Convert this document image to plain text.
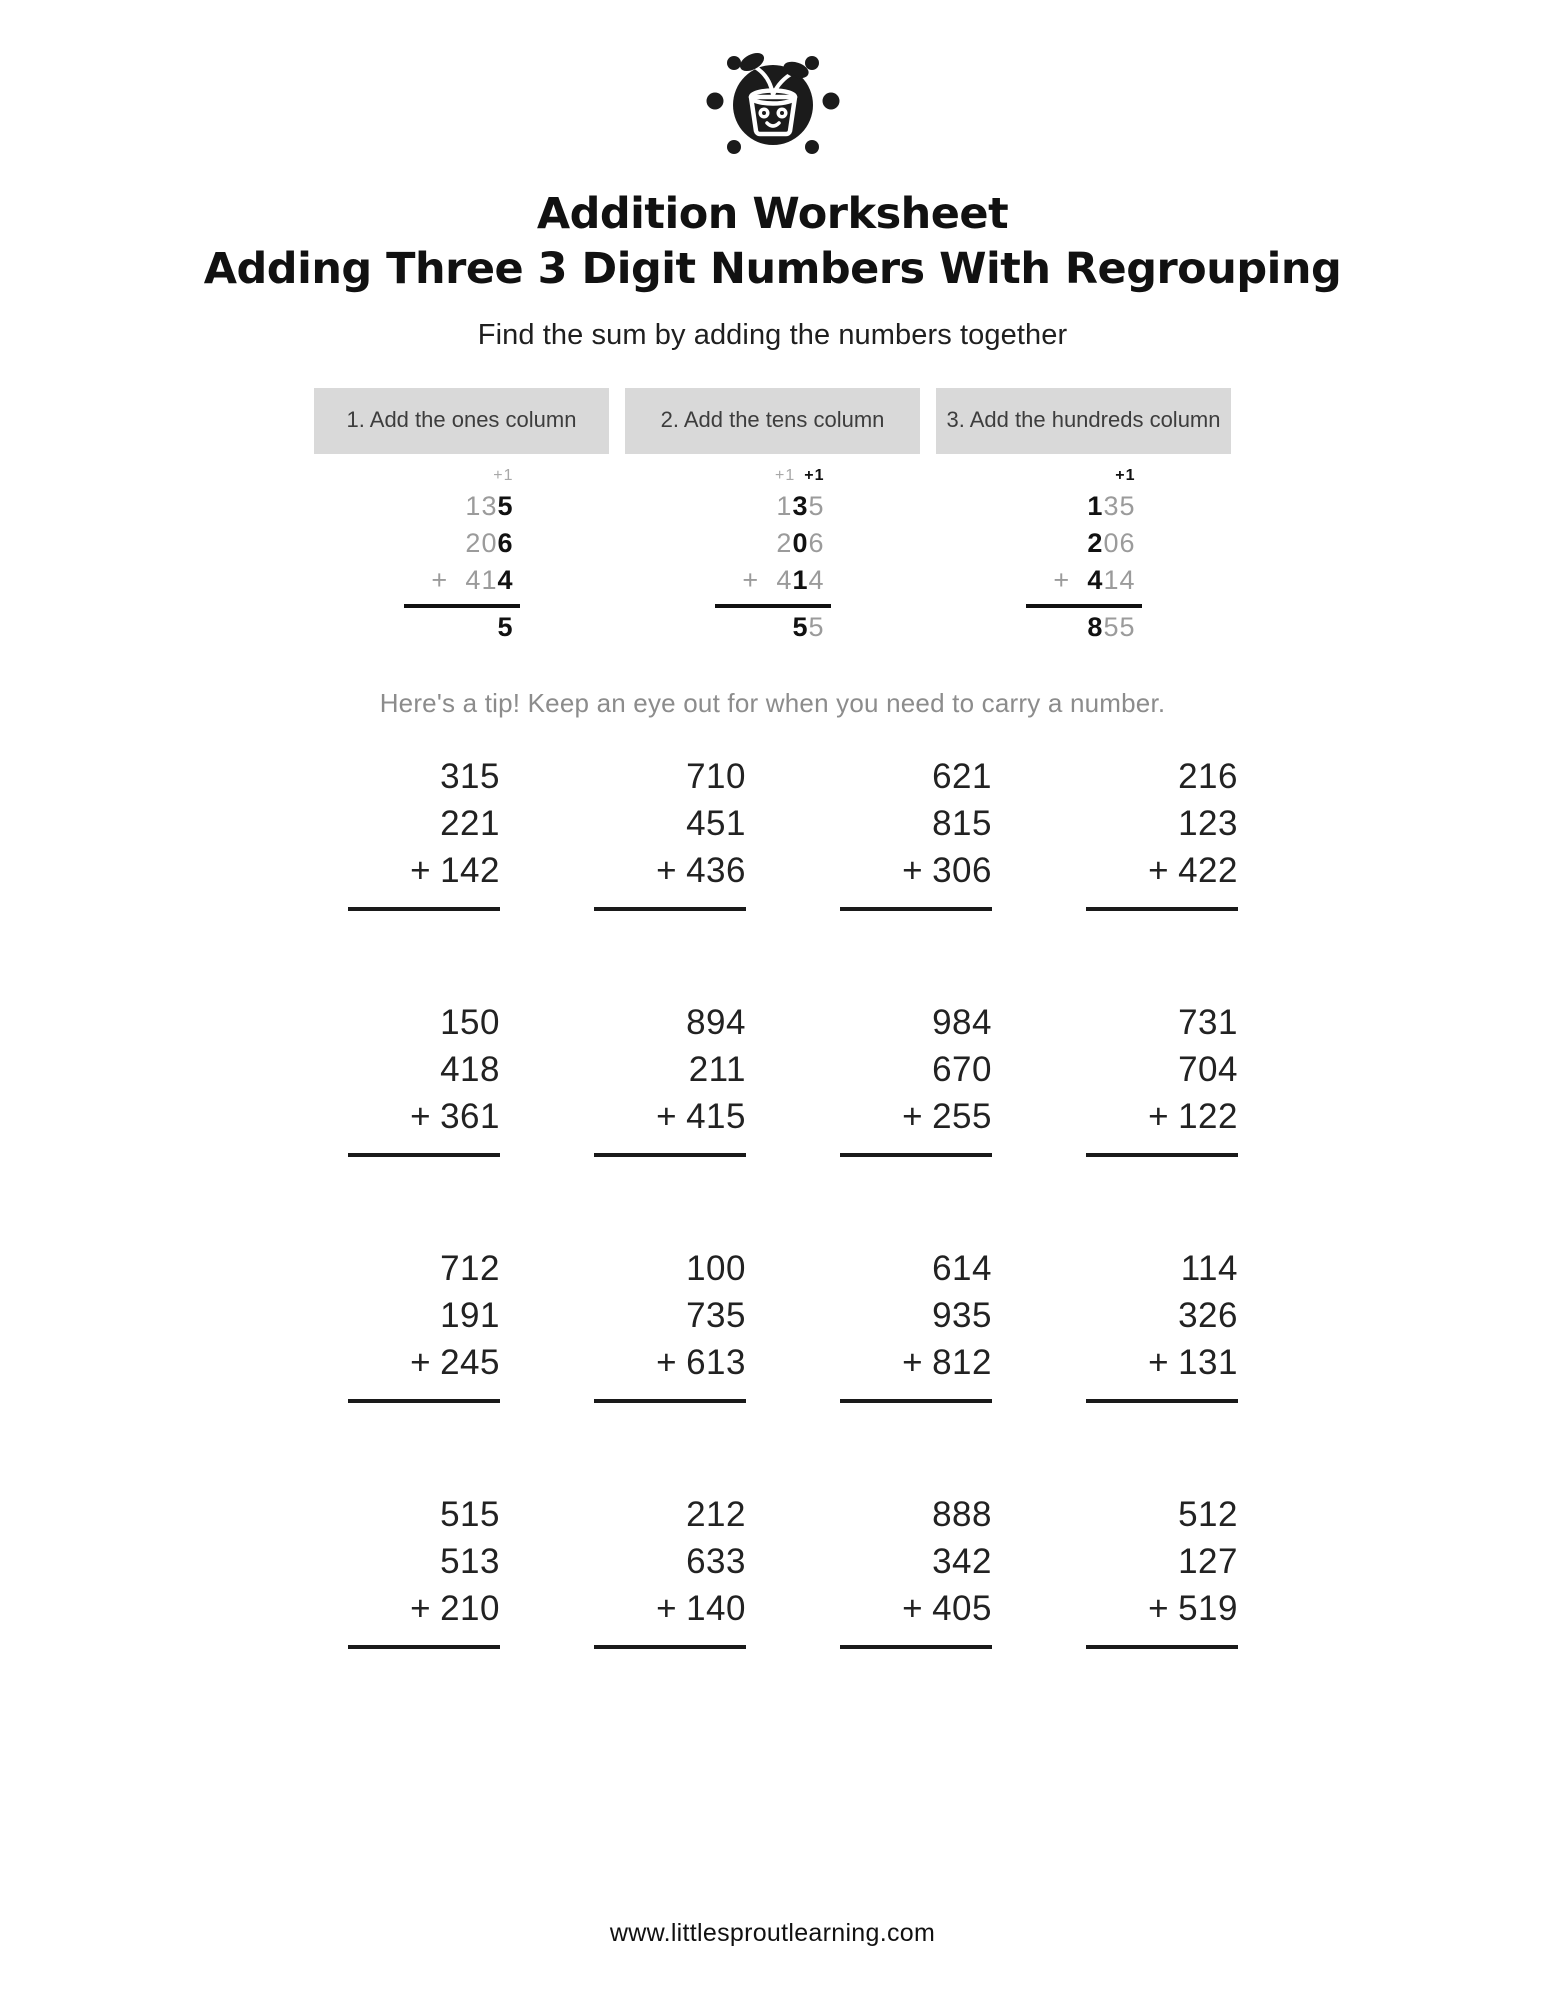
Addition Worksheet
Adding Three 3 Digit Numbers With Regrouping
Find the sum by adding the numbers together
1. Add the ones column
+1
135
206
+ 414
5
2. Add the tens column
+1 +1
135
206
+ 414
55
3. Add the hundreds column
+1
135
206
+ 414
855
Here's a tip! Keep an eye out for when you need to carry a number.
315
221
+ 142
710
451
+ 436
621
815
+ 306
216
123
+ 422
150
418
+ 361
894
211
+ 415
984
670
+ 255
731
704
+ 122
712
191
+ 245
100
735
+ 613
614
935
+ 812
114
326
+ 131
515
513
+ 210
212
633
+ 140
888
342
+ 405
512
127
+ 519
www.littlesproutlearning.com
